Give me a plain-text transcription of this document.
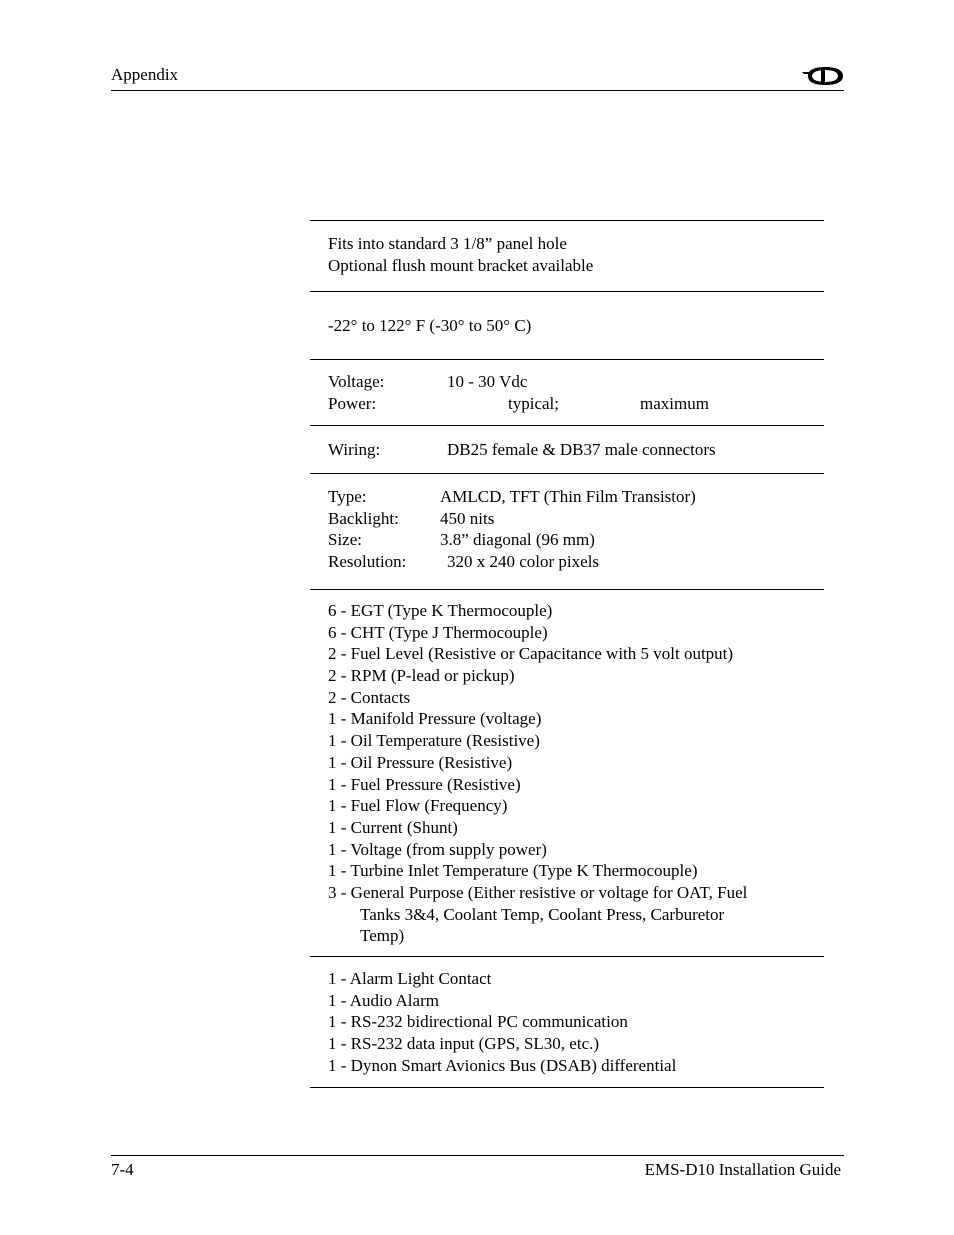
Appendix
Fits into standard 3 1/8” panel hole
Optional flush mount bracket available
-22° to 122° F (-30° to 50° C)
Voltage:	10 - 30 Vdc
Power:	typical;	maximum
Wiring:	DB25 female & DB37 male connectors
Type:	AMLCD, TFT (Thin Film Transistor)
Backlight: 450 nits
Size:	3.8” diagonal (96 mm)
Resolution: 320 x 240 color pixels
6 - EGT (Type K Thermocouple)
6 - CHT (Type J Thermocouple)
2 - Fuel Level (Resistive or Capacitance with 5 volt output)
2 - RPM (P-lead or pickup)
2 - Contacts
1 - Manifold Pressure (voltage)
1 - Oil Temperature (Resistive)
1 - Oil Pressure (Resistive)
1 - Fuel Pressure (Resistive)
1 - Fuel Flow (Frequency)
1 - Current (Shunt)
1 - Voltage (from supply power)
1 - Turbine Inlet Temperature (Type K Thermocouple)
3 - General Purpose (Either resistive or voltage for OAT, Fuel
Tanks 3&4, Coolant Temp, Coolant Press, Carburetor
Temp)
1 - Alarm Light Contact
1 - Audio Alarm
1 - RS-232 bidirectional PC communication
1 - RS-232 data input (GPS, SL30, etc.)
1 - Dynon Smart Avionics Bus (DSAB) differential
7-4	EMS-D10 Installation Guide
